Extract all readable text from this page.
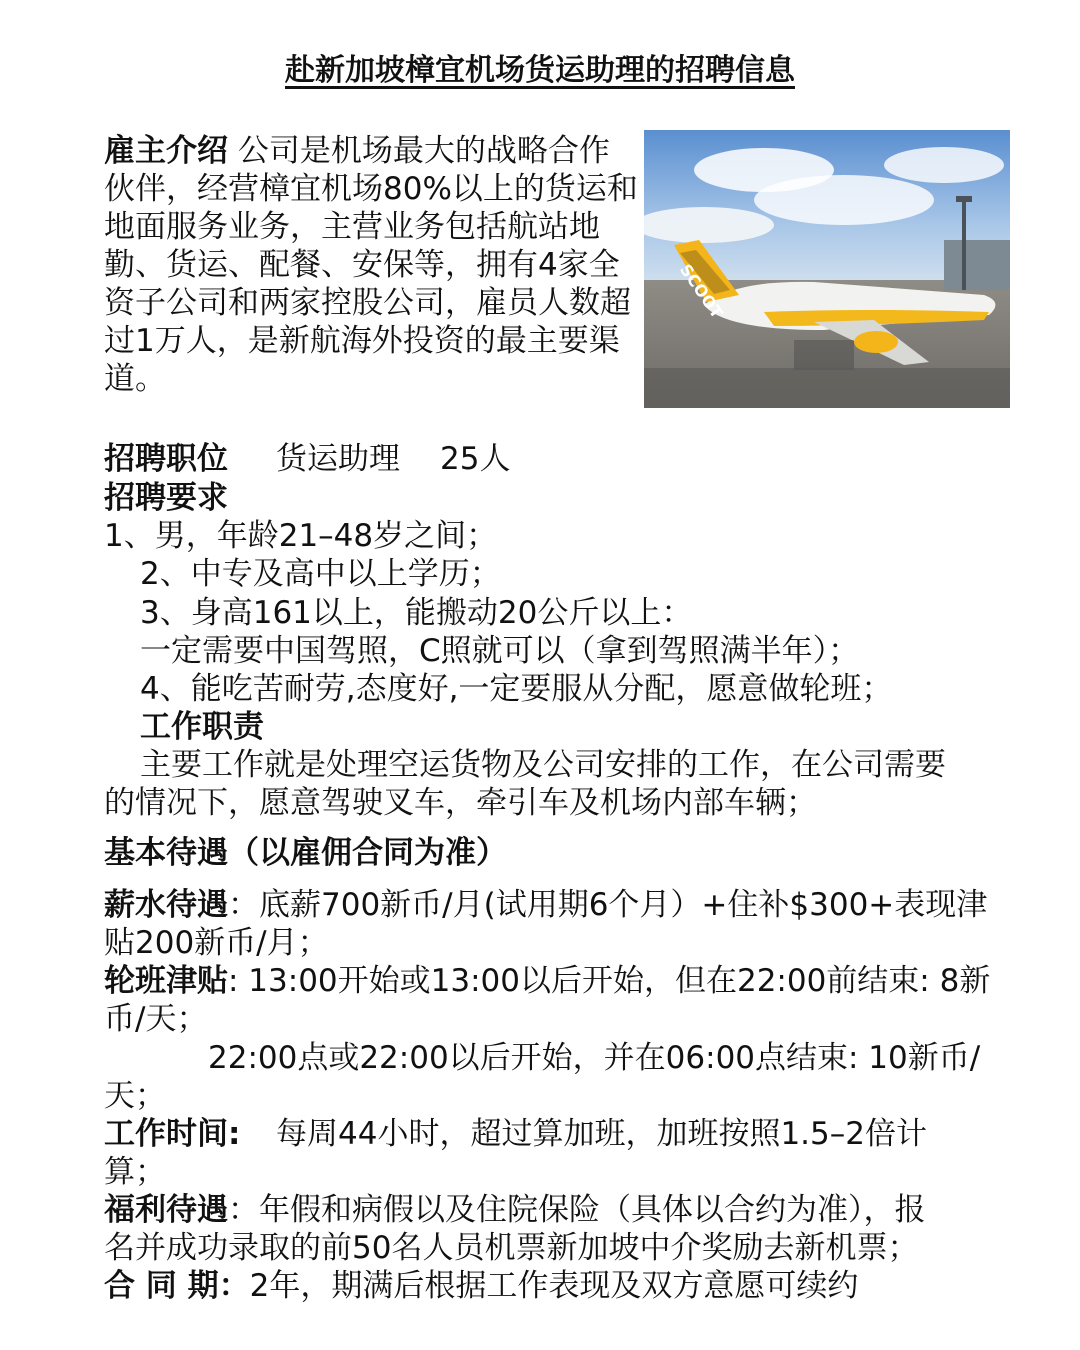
赴新加坡樟宜机场货运助理的招聘信息
雇主介绍 公司是机场最大的战略合作伙伴，经营樟宜机场80%以上的货运和地面服务业务，主营业务包括航站地勤、货运、配餐、安保等，拥有4家全资子公司和两家控股公司，雇员人数超过1万人，是新航海外投资的最主要渠道。
SCOOT
招聘职位 货运助理 25人
招聘要求
1、男，年龄21–48岁之间；
2、中专及高中以上学历；
3、身高161以上，能搬动20公斤以上：
一定需要中国驾照，C照就可以（拿到驾照满半年）；
4、能吃苦耐劳,态度好,一定要服从分配，愿意做轮班；
工作职责
主要工作就是处理空运货物及公司安排的工作，在公司需要
的情况下，愿意驾驶叉车，牵引车及机场内部车辆；
基本待遇（以雇佣合同为准）
薪水待遇：底薪700新币/月(试用期6个月）+住补$300+表现津
贴200新币/月；
轮班津贴: 13:00开始或13:00以后开始，但在22:00前结束: 8新
币/天；
22:00点或22:00以后开始，并在06:00点结束: 10新币/
天；
工作时间: 每周44小时，超过算加班，加班按照1.5–2倍计
算；
福利待遇：年假和病假以及住院保险（具体以合约为准），报
名并成功录取的前50名人员机票新加坡中介奖励去新机票；
合 同 期：2年，期满后根据工作表现及双方意愿可续约
